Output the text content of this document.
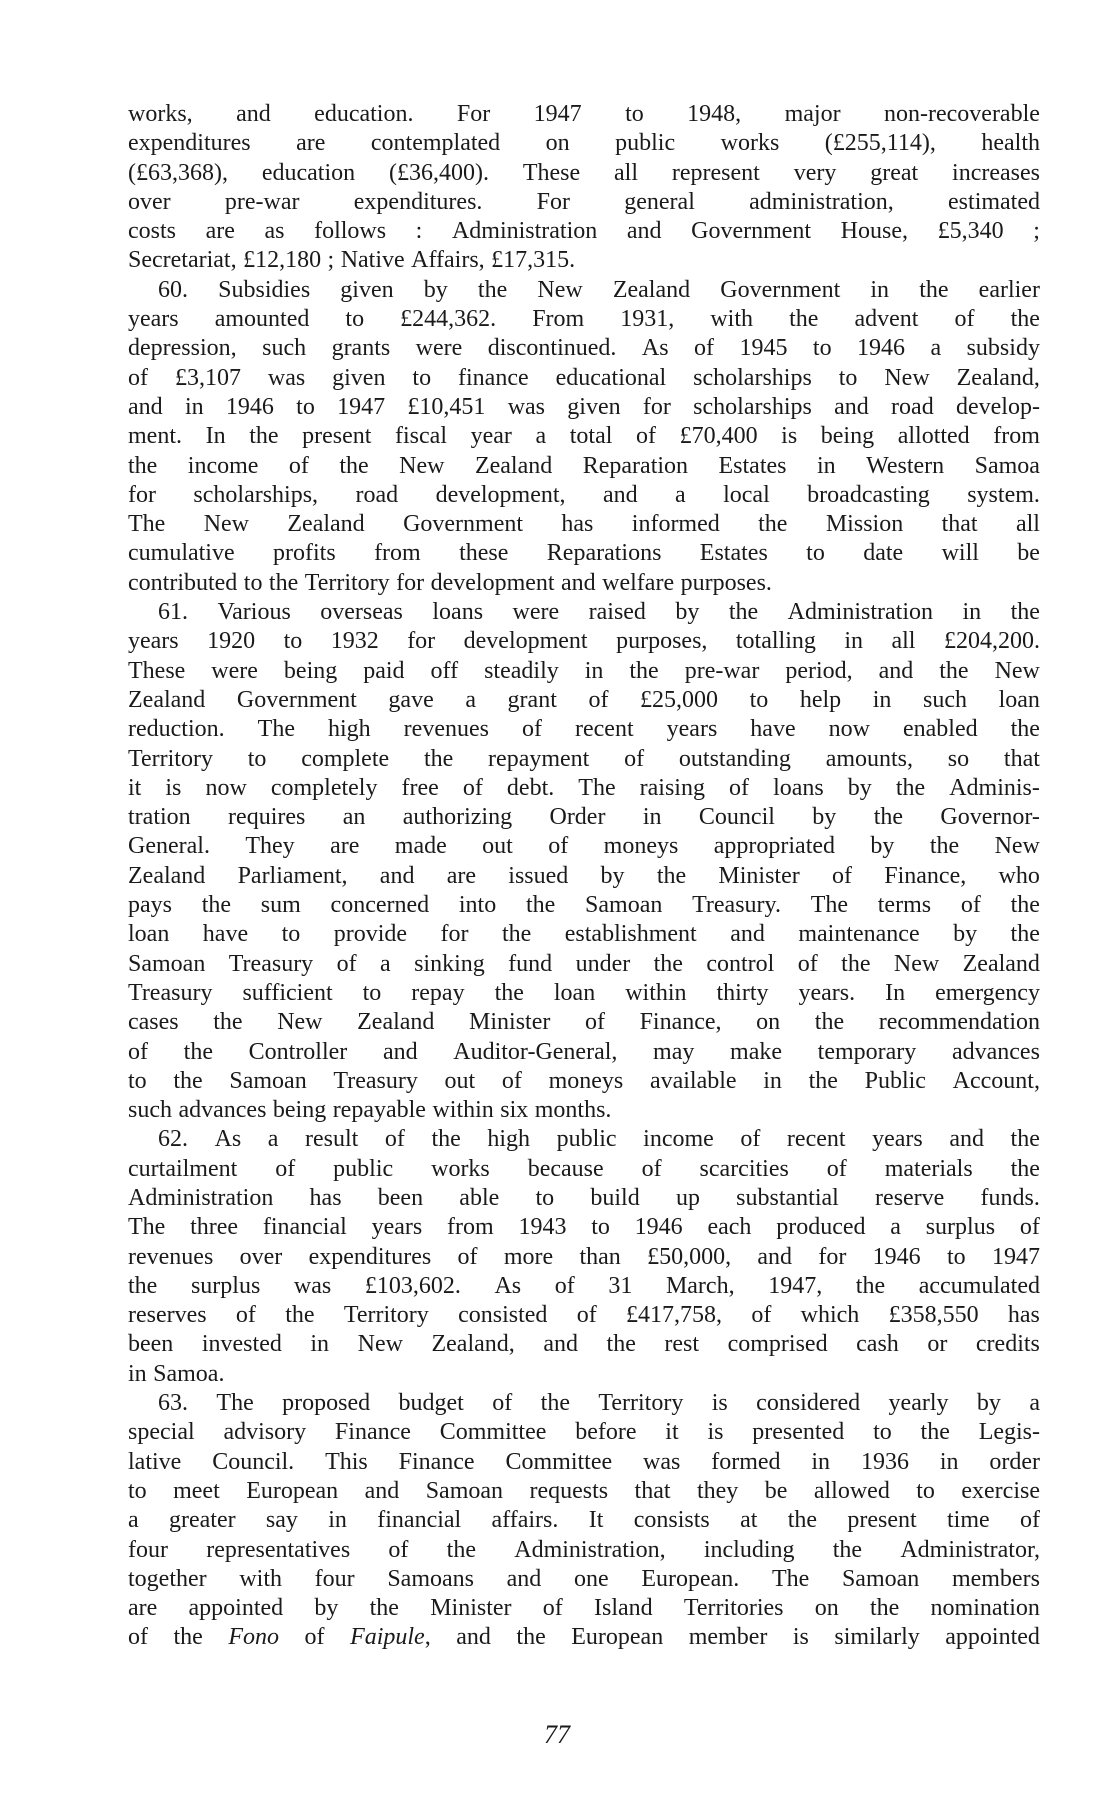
works, and education. For 1947 to 1948, major non-recoverable
expenditures are contemplated on public works (£255,114), health
(£63,368), education (£36,400). These all represent very great increases
over pre-war expenditures. For general administration, estimated
costs are as follows : Administration and Government House, £5,340 ;
Secretariat, £12,180 ; Native Affairs, £17,315.
60. Subsidies given by the New Zealand Government in the earlier
years amounted to £244,362. From 1931, with the advent of the
depression, such grants were discontinued. As of 1945 to 1946 a subsidy
of £3,107 was given to finance educational scholarships to New Zealand,
and in 1946 to 1947 £10,451 was given for scholarships and road develop-
ment. In the present fiscal year a total of £70,400 is being allotted from
the income of the New Zealand Reparation Estates in Western Samoa
for scholarships, road development, and a local broadcasting system.
The New Zealand Government has informed the Mission that all
cumulative profits from these Reparations Estates to date will be
contributed to the Territory for development and welfare purposes.
61. Various overseas loans were raised by the Administration in the
years 1920 to 1932 for development purposes, totalling in all £204,200.
These were being paid off steadily in the pre-war period, and the New
Zealand Government gave a grant of £25,000 to help in such loan
reduction. The high revenues of recent years have now enabled the
Territory to complete the repayment of outstanding amounts, so that
it is now completely free of debt. The raising of loans by the Adminis-
tration requires an authorizing Order in Council by the Governor-
General. They are made out of moneys appropriated by the New
Zealand Parliament, and are issued by the Minister of Finance, who
pays the sum concerned into the Samoan Treasury. The terms of the
loan have to provide for the establishment and maintenance by the
Samoan Treasury of a sinking fund under the control of the New Zealand
Treasury sufficient to repay the loan within thirty years. In emergency
cases the New Zealand Minister of Finance, on the recommendation
of the Controller and Auditor-General, may make temporary advances
to the Samoan Treasury out of moneys available in the Public Account,
such advances being repayable within six months.
62. As a result of the high public income of recent years and the
curtailment of public works because of scarcities of materials the
Administration has been able to build up substantial reserve funds.
The three financial years from 1943 to 1946 each produced a surplus of
revenues over expenditures of more than £50,000, and for 1946 to 1947
the surplus was £103,602. As of 31 March, 1947, the accumulated
reserves of the Territory consisted of £417,758, of which £358,550 has
been invested in New Zealand, and the rest comprised cash or credits
in Samoa.
63. The proposed budget of the Territory is considered yearly by a
special advisory Finance Committee before it is presented to the Legis-
lative Council. This Finance Committee was formed in 1936 in order
to meet European and Samoan requests that they be allowed to exercise
a greater say in financial affairs. It consists at the present time of
four representatives of the Administration, including the Administrator,
together with four Samoans and one European. The Samoan members
are appointed by the Minister of Island Territories on the nomination
of the Fono of Faipule, and the European member is similarly appointed
77
